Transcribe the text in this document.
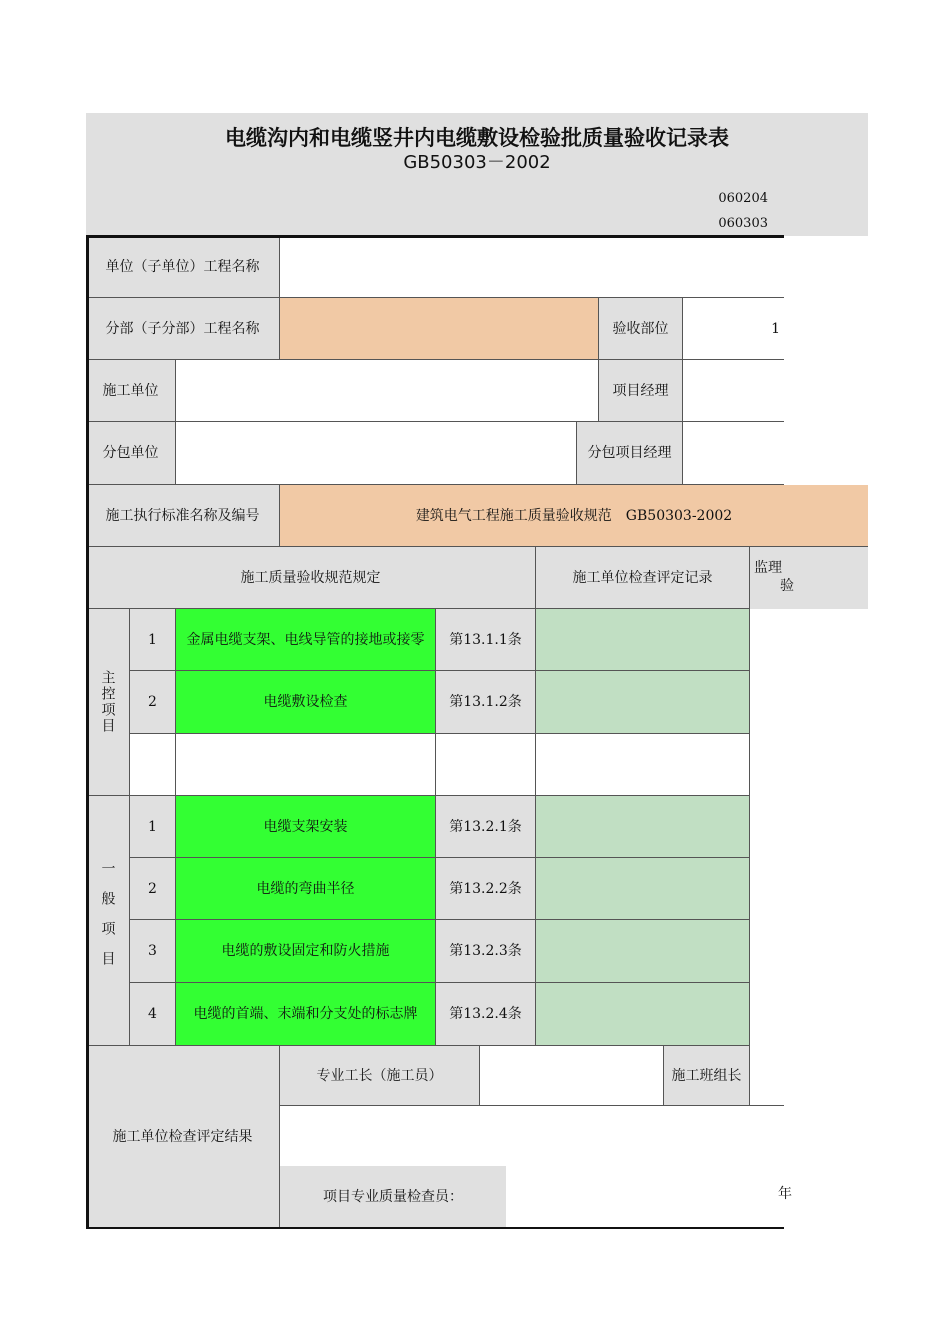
电缆沟内和电缆竖井内电缆敷设检验批质量验收记录表
GB50303－2002
060204
060303
单位（子单位）工程名称
分部（子分部）工程名称	验收部位	1
施工单位	项目经理
分包单位	分包项目经理
施工执行标准名称及编号	建筑电气工程施工质量验收规范　GB50303-2002
施工质量验收规范规定	施工单位检查评定记录
监理
验
主控项目
1	金属电缆支架、电线导管的接地或接零	第13.1.1条
2	电缆敷设检查	第13.1.2条
一般项目
1	电缆支架安装	第13.2.1条
2	电缆的弯曲半径	第13.2.2条
3	电缆的敷设固定和防火措施	第13.2.3条
4	电缆的首端、末端和分支处的标志牌	第13.2.4条
施工单位检查评定结果
专业工长（施工员）	施工班组长
项目专业质量检查员：	年
